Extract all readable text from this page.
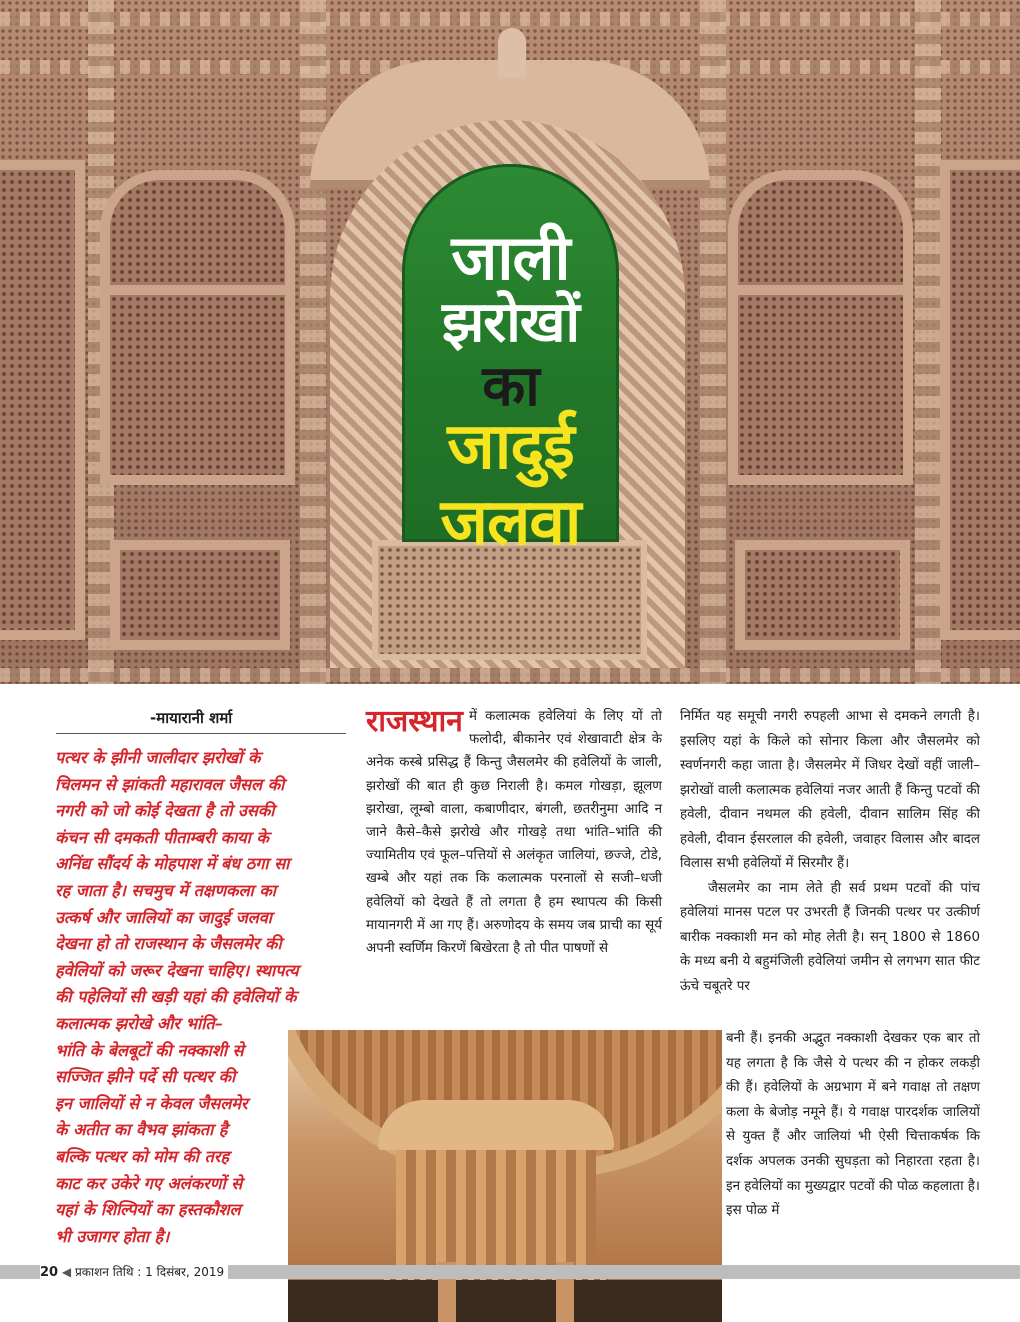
जाली
झरोखों
का
जादुई
जलवा
-मायारानी शर्मा
पत्थर के झीनी जालीदार झरोखों के
चिलमन से झांकती महारावल जैसल की
नगरी को जो कोई देखता है तो उसकी
कंचन सी दमकती पीताम्बरी काया के
अनिंद्य सौंदर्य के मोहपाश में बंध ठगा सा
रह जाता है। सचमुच में तक्षणकला का
उत्कर्ष और जालियों का जादुई जलवा
देखना हो तो राजस्थान के जैसलमेर की
हवेलियों को जरूर देखना चाहिए। स्थापत्य
की पहेलियों सी खड़ी यहां की हवेलियों के
कलात्मक झरोखे और भांति–
भांति के बेलबूटों की नक्काशी से
सज्जित झीने पर्दे सी पत्थर की
इन जालियों से न केवल जैसलमेर
के अतीत का वैभव झांकता है
बल्कि पत्थर को मोम की तरह
काट कर उकेरे गए अलंकरणों से
यहां के शिल्पियों का हस्तकौशल
भी उजागर होता है।
राजस्थान में कलात्मक हवेलियां के लिए यों तो फलोदी, बीकानेर एवं शेखावाटी क्षेत्र के अनेक कस्बे प्रसिद्ध हैं किन्तु जैसलमेर की हवेलियों के जाली, झरोखों की बात ही कुछ निराली है। कमल गोखड़ा, झूलण झरोखा, लूम्बो वाला, कबाणीदार, बंगली, छतरीनुमा आदि न जाने कैसे–कैसे झरोखे और गोखड़े तथा भांति–भांति की ज्यामितीय एवं फूल–पत्तियों से अलंकृत जालियां, छज्जे, टोडे, खम्बे और यहां तक कि कलात्मक परनालों से सजी–धजी हवेलियों को देखते हैं तो लगता है हम स्थापत्य की किसी मायानगरी में आ गए हैं। अरुणोदय के समय जब प्राची का सूर्य अपनी स्वर्णिम किरणें बिखेरता है तो पीत पाषणों से
निर्मित यह समूची नगरी रुपहली आभा से दमकने लगती है। इसलिए यहां के किले को सोनार किला और जैसलमेर को स्वर्णनगरी कहा जाता है। जैसलमेर में जिधर देखों वहीं जाली–झरोखों वाली कलात्मक हवेलियां नजर आती हैं किन्तु पटवों की हवेली, दीवान नथमल की हवेली, दीवान सालिम सिंह की हवेली, दीवान ईसरलाल की हवेली, जवाहर विलास और बादल विलास सभी हवेलियों में सिरमौर हैं।
जैसलमेर का नाम लेते ही सर्व प्रथम पटवों की पांच हवेलियां मानस पटल पर उभरती हैं जिनकी पत्थर पर उत्कीर्ण बारीक नक्काशी मन को मोह लेती है। सन् 1800 से 1860 के मध्य बनी ये बहुमंजिली हवेलियां जमीन से लगभग सात फीट ऊंचे चबूतरे पर
बनी हैं। इनकी अद्भुत नक्काशी देखकर एक बार तो यह लगता है कि जैसे ये पत्थर की न होकर लकड़ी की हैं। हवेलियों के अग्रभाग में बने गवाक्ष तो तक्षण कला के बेजोड़ नमूने हैं। ये गवाक्ष पारदर्शक जालियों से युक्त हैं और जालियां भी ऐसी चित्ताकर्षक कि दर्शक अपलक उनकी सुघड़ता को निहारता रहता है। इन हवेलियों का मुख्यद्वार पटवों की पोळ कहलाता है। इस पोळ में
20 ◀ प्रकाशन तिथि : 1 दिसंबर, 2019
